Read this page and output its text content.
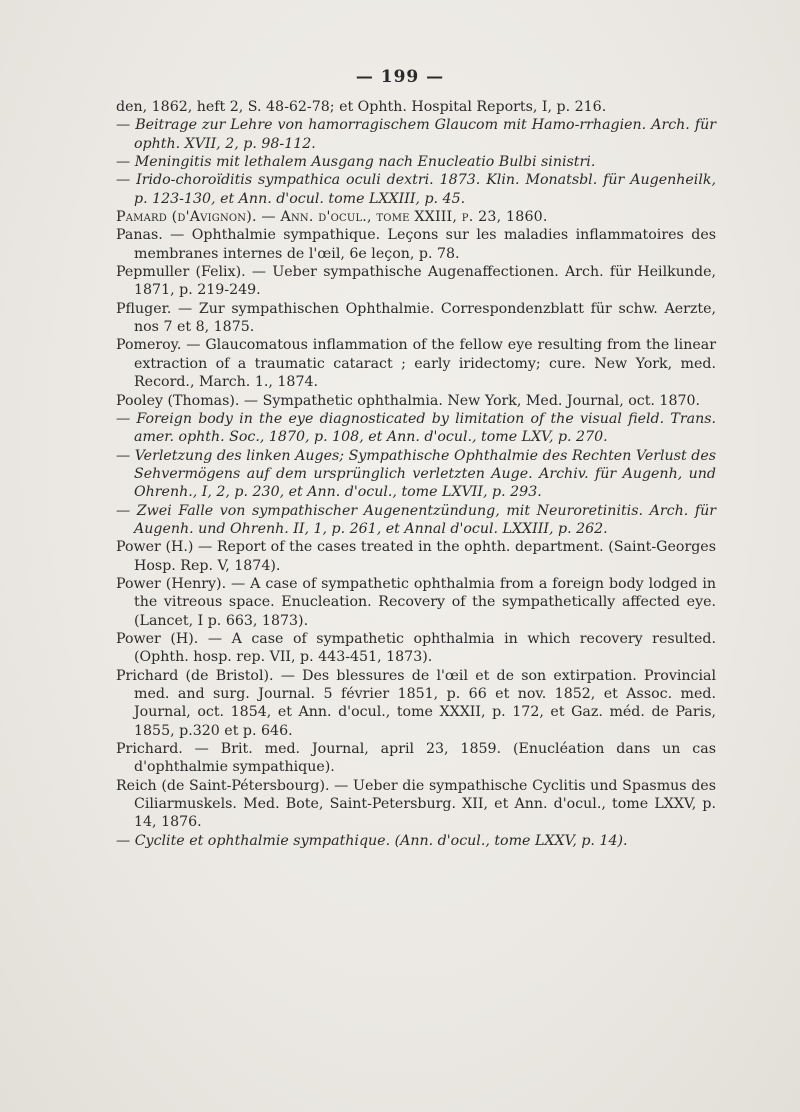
— 199 —

den, 1862, heft 2, S. 48-62-78; et Ophth. Hospital Reports, I, p. 216.

— Beitrage zur Lehre von hamorragischem Glaucom mit Hamo-rrhagien. Arch. für ophth. XVII, 2, p. 98-112.

— Meningitis mit lethalem Ausgang nach Enucleatio Bulbi sinistri.

— Irido-choroïditis sympathica oculi dextri. 1873. Klin. Monatsbl. für Augenheilk, p. 123-130, et Ann. d'ocul. tome LXXIII, p. 45.

Pamard (d'Avignon). — Ann. d'ocul., tome XXIII, p. 23, 1860.

Panas. — Ophthalmie sympathique. Leçons sur les maladies inflammatoires des membranes internes de l'œil, 6e leçon, p. 78.

Pepmuller (Felix). — Ueber sympathische Augenaffectionen. Arch. für Heilkunde, 1871, p. 219-249.

Pfluger. — Zur sympathischen Ophthalmie. Correspondenzblatt für schw. Aerzte, nos 7 et 8, 1875.

Pomeroy. — Glaucomatous inflammation of the fellow eye resulting from the linear extraction of a traumatic cataract ; early iridectomy; cure. New York, med. Record., March. 1., 1874.

Pooley (Thomas). — Sympathetic ophthalmia. New York, Med. Journal, oct. 1870.

— Foreign body in the eye diagnosticated by limitation of the visual field. Trans. amer. ophth. Soc., 1870, p. 108, et Ann. d'ocul., tome LXV, p. 270.

— Verletzung des linken Auges; Sympathische Ophthalmie des Rechten Verlust des Sehvermögens auf dem ursprünglich verletzten Auge. Archiv. für Augenh, und Ohrenh., I, 2, p. 230, et Ann. d'ocul., tome LXVII, p. 293.

— Zwei Falle von sympathischer Augenentzündung, mit Neuroretinitis. Arch. für Augenh. und Ohrenh. II, 1, p. 261, et Annal d'ocul. LXXIII, p. 262.

Power (H.) — Report of the cases treated in the ophth. department. (Saint-Georges Hosp. Rep. V, 1874).

Power (Henry). — A case of sympathetic ophthalmia from a foreign body lodged in the vitreous space. Enucleation. Recovery of the sympathetically affected eye. (Lancet, I p. 663, 1873).

Power (H). — A case of sympathetic ophthalmia in which recovery resulted. (Ophth. hosp. rep. VII, p. 443-451, 1873).

Prichard (de Bristol). — Des blessures de l'œil et de son extirpation. Provincial med. and surg. Journal. 5 février 1851, p. 66 et nov. 1852, et Assoc. med. Journal, oct. 1854, et Ann. d'ocul., tome XXXII, p. 172, et Gaz. méd. de Paris, 1855, p.320 et p. 646.

Prichard. — Brit. med. Journal, april 23, 1859. (Enucléation dans un cas d'ophthalmie sympathique).

Reich (de Saint-Pétersbourg). — Ueber die sympathische Cyclitis und Spasmus des Ciliarmuskels. Med. Bote, Saint-Petersburg. XII, et Ann. d'ocul., tome LXXV, p. 14, 1876.

— Cyclite et ophthalmie sympathique. (Ann. d'ocul., tome LXXV, p. 14).
